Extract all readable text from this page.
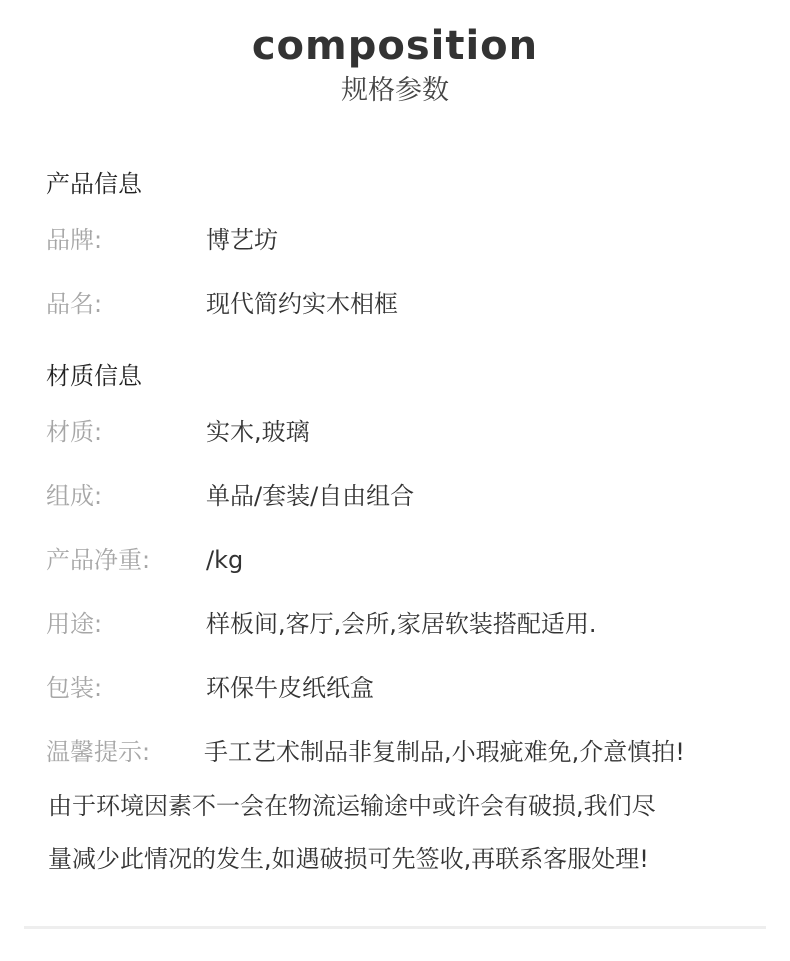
composition
规格参数
产品信息
品牌:	博艺坊
品名:	现代简约实木相框
材质信息
材质:	实木,玻璃
组成:	单品/套装/自由组合
产品净重: /kg
用途:	样板间,客厅,会所,家居软装搭配适用.
包装:	环保牛皮纸纸盒
温馨提示: 手工艺术制品非复制品,小瑕疵难免,介意慎拍!
由于环境因素不一会在物流运输途中或许会有破损,我们尽
量减少此情况的发生,如遇破损可先签收,再联系客服处理!
